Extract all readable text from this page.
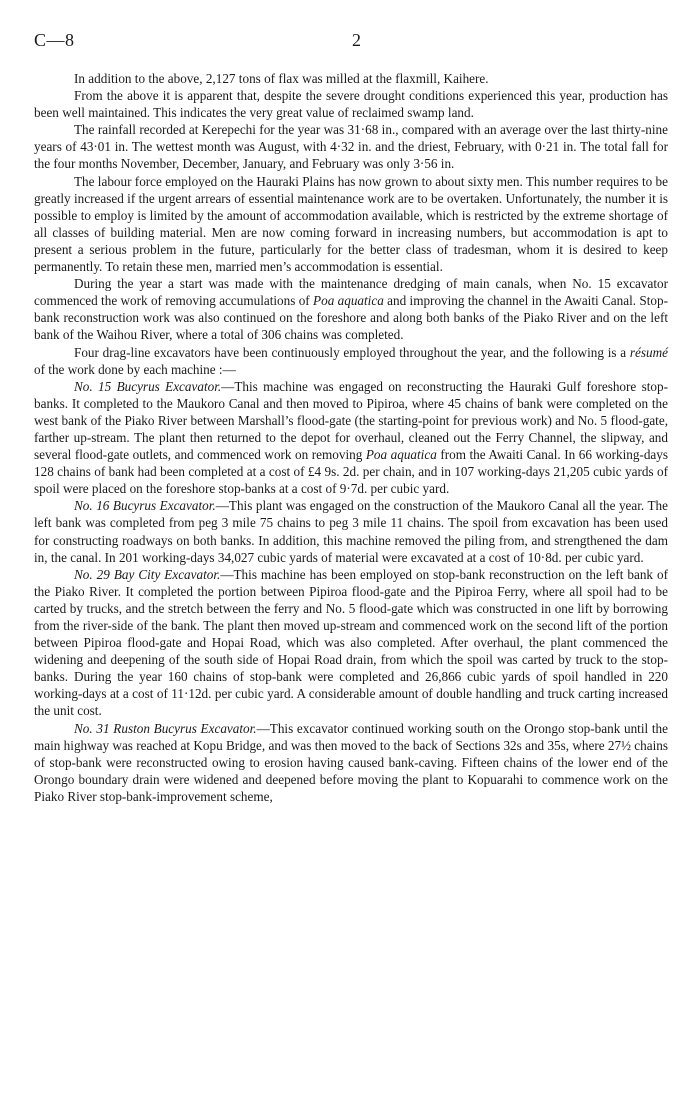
C—8	2

In addition to the above, 2,127 tons of flax was milled at the flaxmill, Kaihere.

From the above it is apparent that, despite the severe drought conditions experienced this year, production has been well maintained. This indicates the very great value of reclaimed swamp land.

The rainfall recorded at Kerepechi for the year was 31·68 in., compared with an average over the last thirty-nine years of 43·01 in. The wettest month was August, with 4·32 in. and the driest, February, with 0·21 in. The total fall for the four months November, December, January, and February was only 3·56 in.

The labour force employed on the Hauraki Plains has now grown to about sixty men. This number requires to be greatly increased if the urgent arrears of essential maintenance work are to be overtaken. Unfortunately, the number it is possible to employ is limited by the amount of accommodation available, which is restricted by the extreme shortage of all classes of building material. Men are now coming forward in increasing numbers, but accommodation is apt to present a serious problem in the future, particularly for the better class of tradesman, whom it is desired to keep permanently. To retain these men, married men’s accommodation is essential.

During the year a start was made with the maintenance dredging of main canals, when No. 15 excavator commenced the work of removing accumulations of Poa aquatica and improving the channel in the Awaiti Canal. Stop-bank reconstruction work was also continued on the foreshore and along both banks of the Piako River and on the left bank of the Waihou River, where a total of 306 chains was completed.

Four drag-line excavators have been continuously employed throughout the year, and the following is a résumé of the work done by each machine :—

No. 15 Bucyrus Excavator.—This machine was engaged on reconstructing the Hauraki Gulf foreshore stop-banks. It completed to the Maukoro Canal and then moved to Pipiroa, where 45 chains of bank were completed on the west bank of the Piako River between Marshall’s flood-gate (the starting-point for previous work) and No. 5 flood-gate, farther up-stream. The plant then returned to the depot for overhaul, cleaned out the Ferry Channel, the slipway, and several flood-gate outlets, and commenced work on removing Poa aquatica from the Awaiti Canal. In 66 working-days 128 chains of bank had been completed at a cost of £4 9s. 2d. per chain, and in 107 working-days 21,205 cubic yards of spoil were placed on the foreshore stop-banks at a cost of 9·7d. per cubic yard.

No. 16 Bucyrus Excavator.—This plant was engaged on the construction of the Maukoro Canal all the year. The left bank was completed from peg 3 mile 75 chains to peg 3 mile 11 chains. The spoil from excavation has been used for constructing roadways on both banks. In addition, this machine removed the piling from, and strengthened the dam in, the canal. In 201 working-days 34,027 cubic yards of material were excavated at a cost of 10·8d. per cubic yard.

No. 29 Bay City Excavator.—This machine has been employed on stop-bank reconstruction on the left bank of the Piako River. It completed the portion between Pipiroa flood-gate and the Pipiroa Ferry, where all spoil had to be carted by trucks, and the stretch between the ferry and No. 5 flood-gate which was constructed in one lift by borrowing from the river-side of the bank. The plant then moved up-stream and commenced work on the second lift of the portion between Pipiroa flood-gate and Hopai Road, which was also completed. After overhaul, the plant commenced the widening and deepening of the south side of Hopai Road drain, from which the spoil was carted by truck to the stop-banks. During the year 160 chains of stop-bank were completed and 26,866 cubic yards of spoil handled in 220 working-days at a cost of 11·12d. per cubic yard. A considerable amount of double handling and truck carting increased the unit cost.

No. 31 Ruston Bucyrus Excavator.—This excavator continued working south on the Orongo stop-bank until the main highway was reached at Kopu Bridge, and was then moved to the back of Sections 32s and 35s, where 27½ chains of stop-bank were reconstructed owing to erosion having caused bank-caving. Fifteen chains of the lower end of the Orongo boundary drain were widened and deepened before moving the plant to Kopuarahi to commence work on the Piako River stop-bank-improvement scheme,
